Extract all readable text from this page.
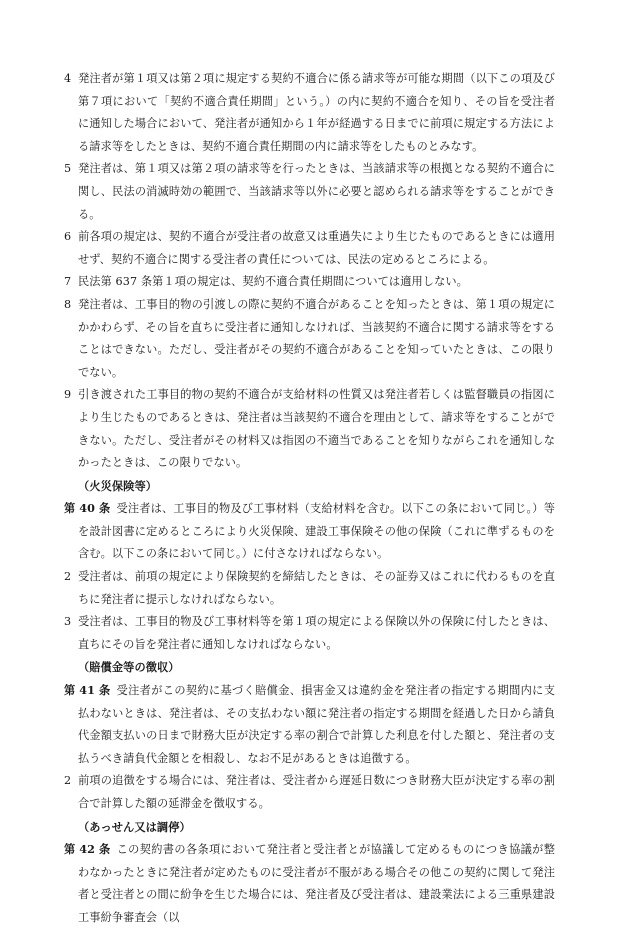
4 発注者が第１項又は第２項に規定する契約不適合に係る請求等が可能な期間（以下この項及び第７項において「契約不適合責任期間」という。）の内に契約不適合を知り、その旨を受注者に通知した場合において、発注者が通知から１年が経過する日までに前項に規定する方法による請求等をしたときは、契約不適合責任期間の内に請求等をしたものとみなす。

5 発注者は、第１項又は第２項の請求等を行ったときは、当該請求等の根拠となる契約不適合に関し、民法の消滅時効の範囲で、当該請求等以外に必要と認められる請求等をすることができる。

6 前各項の規定は、契約不適合が受注者の故意又は重過失により生じたものであるときには適用せず、契約不適合に関する受注者の責任については、民法の定めるところによる。

7 民法第 637 条第１項の規定は、契約不適合責任期間については適用しない。

8 発注者は、工事目的物の引渡しの際に契約不適合があることを知ったときは、第１項の規定にかかわらず、その旨を直ちに受注者に通知しなければ、当該契約不適合に関する請求等をすることはできない。ただし、受注者がその契約不適合があることを知っていたときは、この限りでない。

9 引き渡された工事目的物の契約不適合が支給材料の性質又は発注者若しくは監督職員の指図により生じたものであるときは、発注者は当該契約不適合を理由として、請求等をすることができない。ただし、受注者がその材料又は指図の不適当であることを知りながらこれを通知しなかったときは、この限りでない。

（火災保険等）

第 40 条 受注者は、工事目的物及び工事材料（支給材料を含む。以下この条において同じ。）等を設計図書に定めるところにより火災保険、建設工事保険その他の保険（これに準ずるものを含む。以下この条において同じ。）に付さなければならない。

2 受注者は、前項の規定により保険契約を締結したときは、その証券又はこれに代わるものを直ちに発注者に提示しなければならない。

3 受注者は、工事目的物及び工事材料等を第１項の規定による保険以外の保険に付したときは、直ちにその旨を発注者に通知しなければならない。

（賠償金等の徴収）

第 41 条 受注者がこの契約に基づく賠償金、損害金又は違約金を発注者の指定する期間内に支払わないときは、発注者は、その支払わない額に発注者の指定する期間を経過した日から請負代金額支払いの日まで財務大臣が決定する率の割合で計算した利息を付した額と、発注者の支払うべき請負代金額とを相殺し、なお不足があるときは追徴する。

2 前項の追徴をする場合には、発注者は、受注者から遅延日数につき財務大臣が決定する率の割合で計算した額の延滞金を徴収する。

（あっせん又は調停）

第 42 条 この契約書の各条項において発注者と受注者とが協議して定めるものにつき協議が整わなかったときに発注者が定めたものに受注者が不服がある場合その他この契約に関して発注者と受注者との間に紛争を生じた場合には、発注者及び受注者は、建設業法による三重県建設工事紛争審査会（以
